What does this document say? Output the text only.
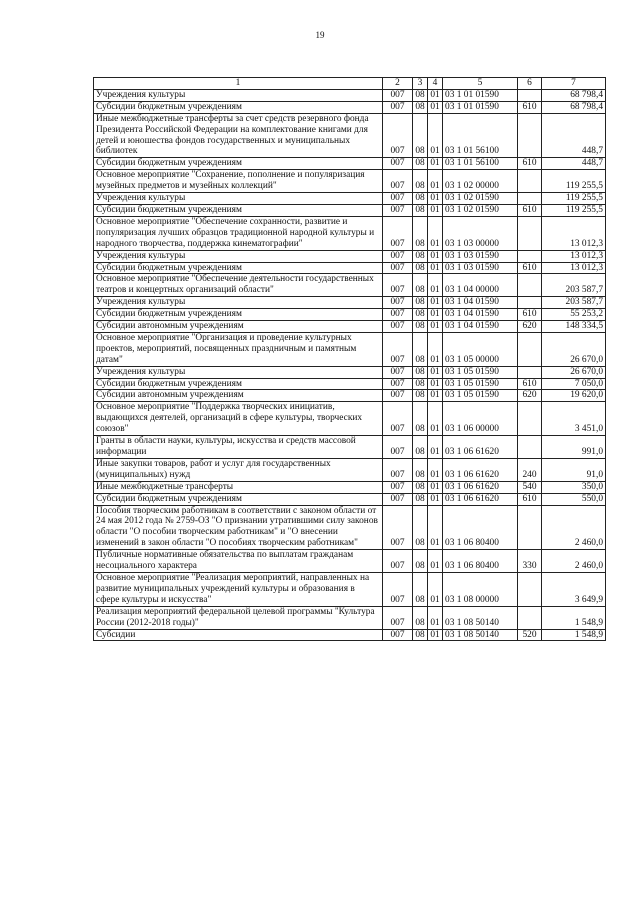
19
1	2	3	4	5	6	7
Учреждения культуры	007	08	01	03 1 01 01590		68 798,4
Субсидии бюджетным учреждениям	007	08	01	03 1 01 01590	610	68 798,4
Иные межбюджетные трансферты за счет средств резервного фонда Президента Российской Федерации на комплектование книгами для детей и юношества фондов государственных и муниципальных библиотек	007	08	01	03 1 01 56100		448,7
Субсидии бюджетным учреждениям	007	08	01	03 1 01 56100	610	448,7
Основное мероприятие "Сохранение, пополнение и популяризация музейных предметов и музейных коллекций"	007	08	01	03 1 02 00000		119 255,5
Учреждения культуры	007	08	01	03 1 02 01590		119 255,5
Субсидии бюджетным учреждениям	007	08	01	03 1 02 01590	610	119 255,5
Основное мероприятие "Обеспечение сохранности, развитие и популяризация лучших образцов традиционной народной культуры и народного творчества, поддержка кинематографии"	007	08	01	03 1 03 00000		13 012,3
Учреждения культуры	007	08	01	03 1 03 01590		13 012,3
Субсидии бюджетным учреждениям	007	08	01	03 1 03 01590	610	13 012,3
Основное мероприятие "Обеспечение деятельности государственных театров и концертных организаций области"	007	08	01	03 1 04 00000		203 587,7
Учреждения культуры	007	08	01	03 1 04 01590		203 587,7
Субсидии бюджетным учреждениям	007	08	01	03 1 04 01590	610	55 253,2
Субсидии автономным учреждениям	007	08	01	03 1 04 01590	620	148 334,5
Основное мероприятие "Организация и проведение культурных проектов, мероприятий, посвященных праздничным и памятным датам"	007	08	01	03 1 05 00000		26 670,0
Учреждения культуры	007	08	01	03 1 05 01590		26 670,0
Субсидии бюджетным учреждениям	007	08	01	03 1 05 01590	610	7 050,0
Субсидии автономным учреждениям	007	08	01	03 1 05 01590	620	19 620,0
Основное мероприятие "Поддержка творческих инициатив, выдающихся деятелей, организаций в сфере культуры, творческих союзов"	007	08	01	03 1 06 00000		3 451,0
Гранты в области науки, культуры, искусства и средств массовой информации	007	08	01	03 1 06 61620		991,0
Иные закупки товаров, работ и услуг для государственных (муниципальных) нужд	007	08	01	03 1 06 61620	240	91,0
Иные межбюджетные трансферты	007	08	01	03 1 06 61620	540	350,0
Субсидии бюджетным учреждениям	007	08	01	03 1 06 61620	610	550,0
Пособия творческим работникам в соответствии с законом области от 24 мая 2012 года № 2759-ОЗ "О признании утратившими силу законов области "О пособии творческим работникам" и "О внесении изменений в закон области "О пособиях творческим работникам"	007	08	01	03 1 06 80400		2 460,0
Публичные нормативные обязательства по выплатам гражданам несоциального характера	007	08	01	03 1 06 80400	330	2 460,0
Основное мероприятие "Реализация мероприятий, направленных на развитие муниципальных учреждений культуры и образования в сфере культуры и искусства"	007	08	01	03 1 08 00000		3 649,9
Реализация мероприятий федеральной целевой программы "Культура России (2012-2018 годы)"	007	08	01	03 1 08 50140		1 548,9
Субсидии	007	08	01	03 1 08 50140	520	1 548,9
